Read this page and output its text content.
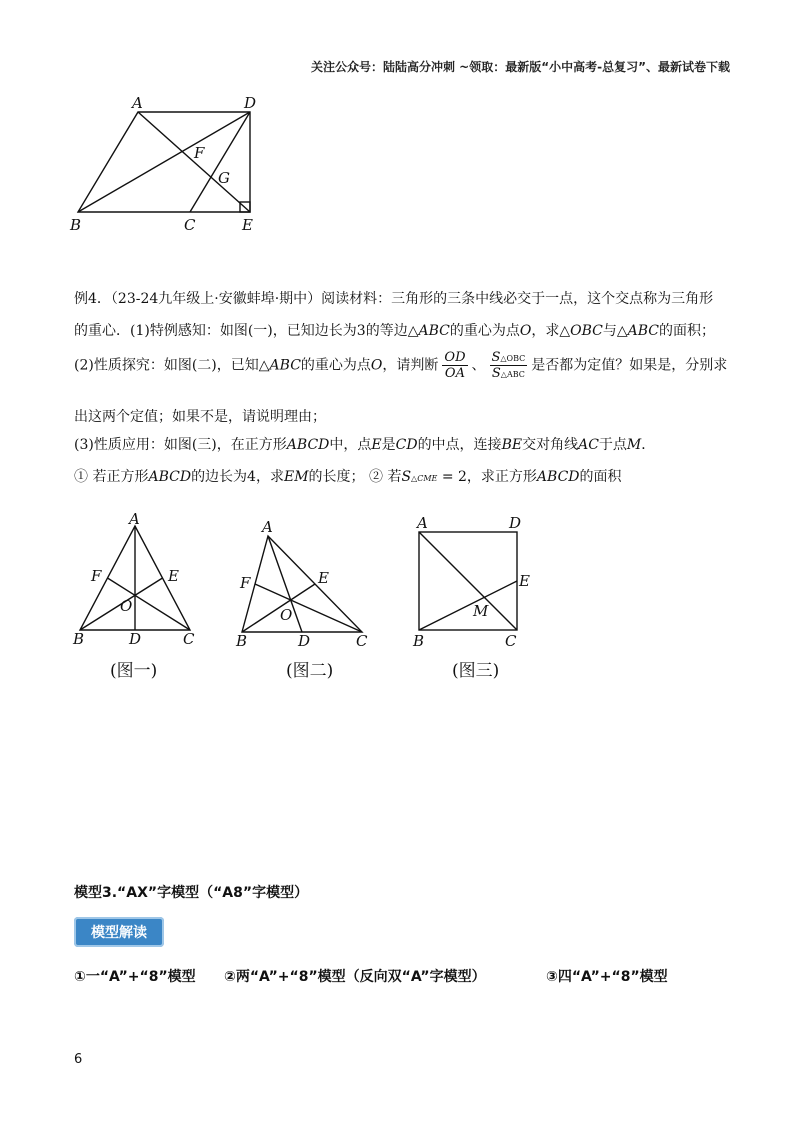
关注公众号：陆陆高分冲刺 ~领取：最新版“小中高考-总复习”、最新试卷下载
A	D
F
G
B	C	E
例4．（23-24九年级上·安徽蚌埠·期中）阅读材料：三角形的三条中线必交于一点，这个交点称为三角形
的重心．(1)特例感知：如图(一)，已知边长为3的等边△ABC的重心为点O，求△OBC与△ABC的面积；
(2)性质探究：如图(二)，已知△ABC的重心为点O，请判断 $\frac{OD}{OA}$ 、 $\frac{\text{S△OBC}}{\text{S△ABC}}$ 是否都为定值？如果是，分别求
出这两个定值；如果不是，请说明理由；
(3)性质应用：如图(三)，在正方形ABCD中，点E是CD的中点，连接BE交对角线AC于点M．
① 若正方形ABCD的边长为4，求EM的长度； ② 若S△CME = 2，求正方形ABCD的面积
A
F	E
O
B	D	C
(图一)
A
F	E
O
B	D	C
(图二)
A	D
E
M
B	C
(图三)
模型3.“AX”字模型（“A8”字模型）
模型解读
①一“A”+“8”模型 ②两“A”+“8”模型（反向双“A”字模型）	③四“A”+“8”模型
6
